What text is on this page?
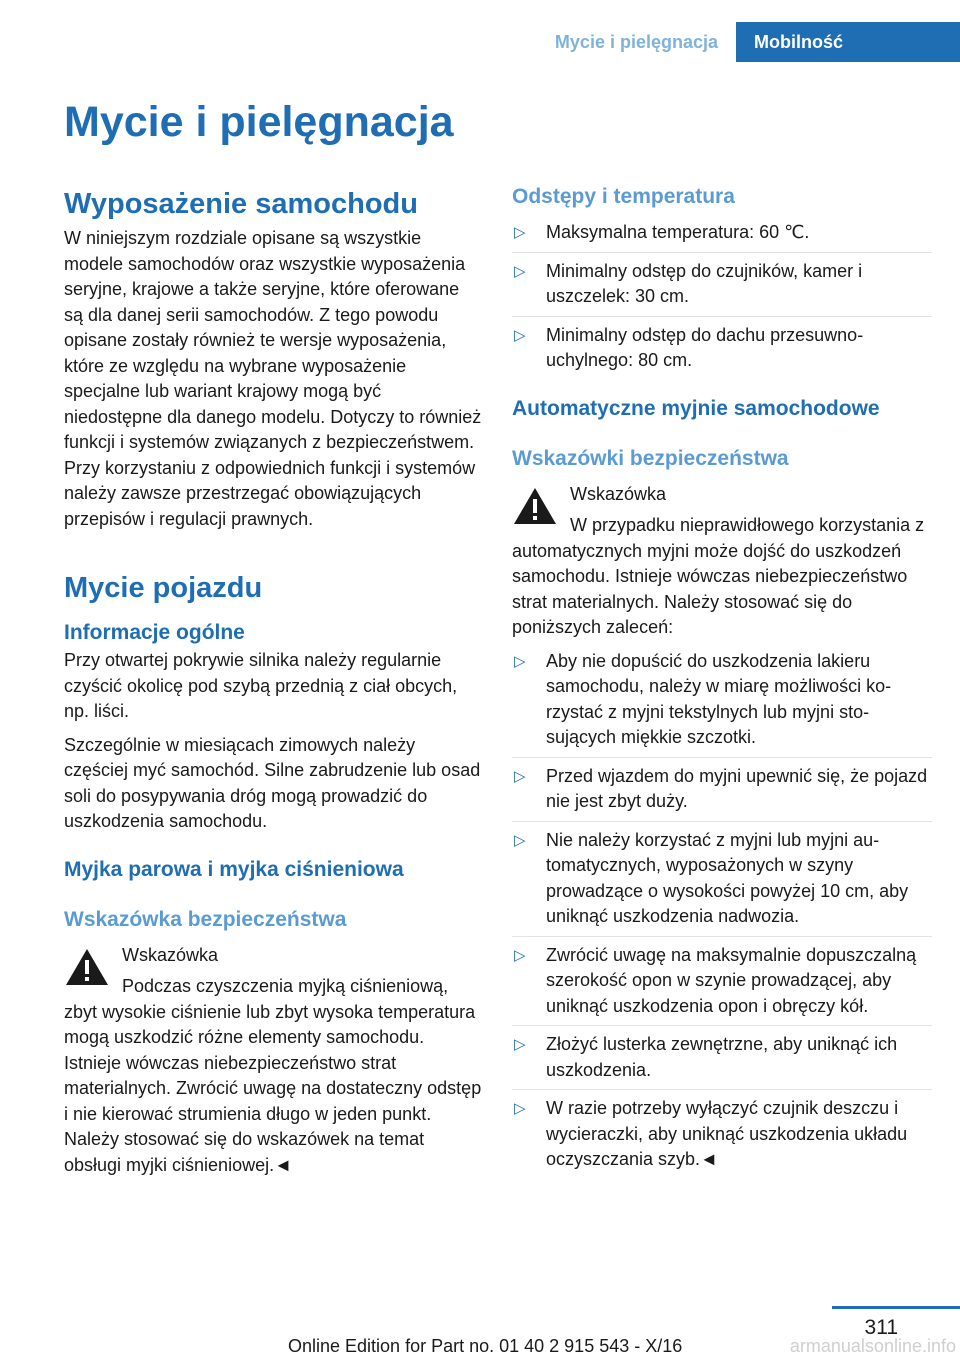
Mycie i pielęgnacja	Mobilność
Mycie i pielęgnacja
Wyposażenie samochodu

W niniejszym rozdziale opisane są wszystkie modele samochodów oraz wszystkie wyposażenia seryjne, krajowe a także seryjne, które oferowane są dla danej serii samochodów. Z tego powodu opisane zostały również te wersje wyposażenia, które ze względu na wybrane wyposażenie specjalne lub wariant krajowy mogą być niedostępne dla danego modelu. Dotyczy to również funkcji i systemów związanych z bezpieczeństwem. Przy korzystaniu z odpowiednich funkcji i systemów należy zawsze przestrzegać obowiązujących przepisów i regulacji prawnych.

Mycie pojazdu
Informacje ogólne

Przy otwartej pokrywie silnika należy regularnie czyścić okolicę pod szybą przednią z ciał obcych, np. liści.

Szczególnie w miesiącach zimowych należy częściej myć samochód. Silne zabrudzenie lub osad soli do posypywania dróg mogą prowadzić do uszkodzenia samochodu.

Myjka parowa i myjka ciśnieniowa
Wskazówka bezpieczeństwa
Wskazówka

Podczas czyszczenia myjką ciśnieniową, zbyt wysokie ciśnienie lub zbyt wysoka temperatura mogą uszkodzić różne elementy samochodu. Istnieje wówczas niebezpieczeństwo strat materialnych. Zwrócić uwagę na dostateczny odstęp i nie kierować strumienia długo w jeden punkt. Należy stosować się do wskazówek na temat obsługi myjki ciśnieniowej.◄

Odstępy i temperatura
▷ Maksymalna temperatura: 60 ℃.
▷ Minimalny odstęp do czujników, kamer i uszczelek: 30 cm.
▷ Minimalny odstęp do dachu przesuwnouchylnego: 80 cm.
Automatyczne myjnie samochodowe
Wskazówki bezpieczeństwa
Wskazówka

W przypadku nieprawidłowego korzystania z automatycznych myjni może dojść do uszkodzeń samochodu. Istnieje wówczas niebezpieczeństwo strat materialnych. Należy stosować się do poniższych zaleceń:

▷ Aby nie dopuścić do uszkodzenia lakieru samochodu, należy w miarę możliwości korzystać z myjni tekstylnych lub myjni stosujących miękkie szczotki.
▷ Przed wjazdem do myjni upewnić się, że pojazd nie jest zbyt duży.
▷ Nie należy korzystać z myjni lub myjni automatycznych, wyposażonych w szyny prowadzące o wysokości powyżej 10 cm, aby uniknąć uszkodzenia nadwozia.
▷ Zwrócić uwagę na maksymalnie dopuszczalną szerokość opon w szynie prowadzącej, aby uniknąć uszkodzenia opon i obręczy kół.
▷ Złożyć lusterka zewnętrzne, aby uniknąć ich uszkodzenia.
▷ W razie potrzeby wyłączyć czujnik deszczu i wycieraczki, aby uniknąć uszkodzenia układu oczyszczania szyb.◄
311
Online Edition for Part no. 01 40 2 915 543 - X/16	armanualsonline.info
